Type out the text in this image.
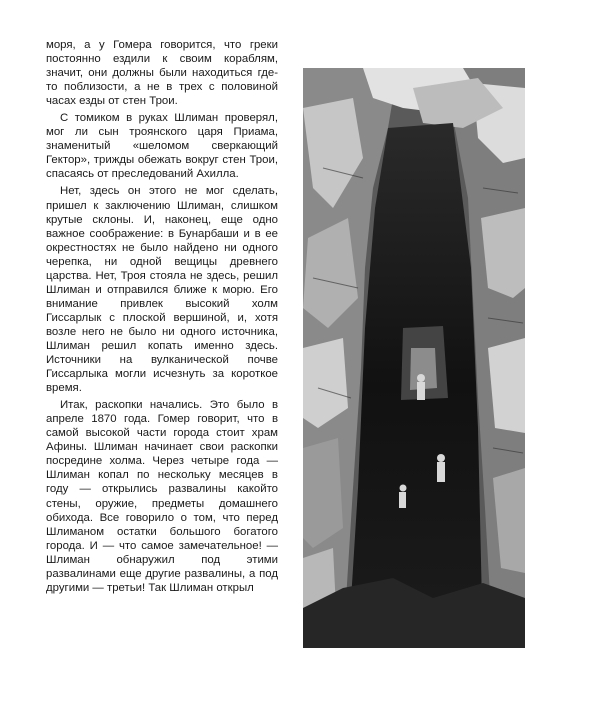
моря, а у Гомера говорится, что греки постоянно ездили к своим кораблям, значит, они должны были находиться где-то поблизости, а не в трех с половиной часах езды от стен Трои.

С томиком в руках Шлиман проверял, мог ли сын троянского царя Приама, знаменитый «шеломом сверкающий Гектор», трижды обежать вокруг стен Трои, спасаясь от преследований Ахилла.

Нет, здесь он этого не мог сделать, пришел к заключению Шлиман, слишком крутые склоны. И, наконец, еще одно важное соображение: в Бунарбаши и в ее окрестностях не было найдено ни одного черепка, ни одной вещицы древнего царства. Нет, Троя стояла не здесь, решил Шлиман и отправился ближе к морю. Его внимание привлек высокий холм Гиссарлык с плоской вершиной, и, хотя возле него не было ни одного источника, Шлиман решил копать именно здесь. Источники на вулканической почве Гиссарлыка могли исчезнуть за короткое время.

Итак, раскопки начались. Это было в апреле 1870 года. Гомер говорит, что в самой высокой части города стоит храм Афины. Шлиман начинает свои раскопки посредине холма. Через четыре года — Шлиман копал по нескольку месяцев в году — открылись развалины какойто стены, оружие, предметы домашнего обихода. Все говорило о том, что перед Шлиманом остатки большого богатого города. И — что самое замечательное! — Шлиман обнаружил под этими развалинами еще другие развалины, а под другими — третьи! Так Шлиман открыл
